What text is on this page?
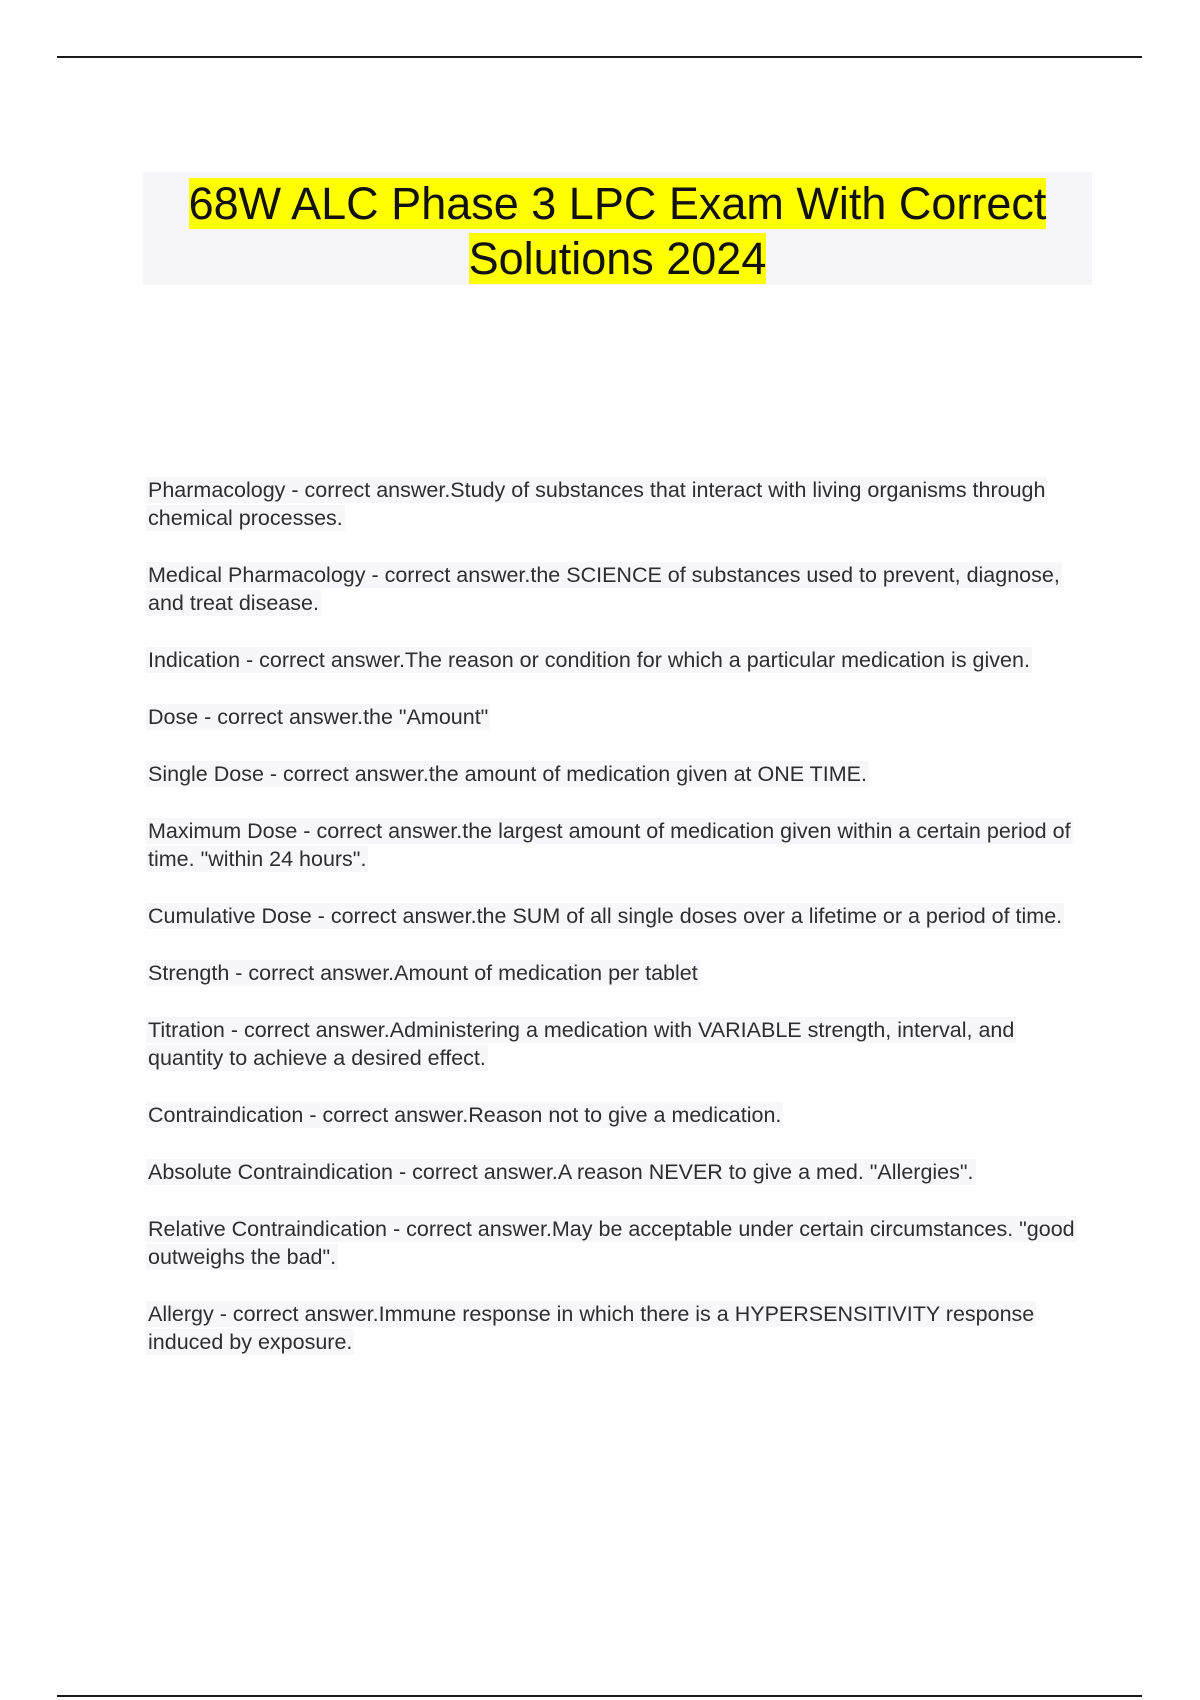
68W ALC Phase 3 LPC Exam With Correct Solutions 2024
Pharmacology - correct answer.Study of substances that interact with living organisms through chemical processes.
Medical Pharmacology - correct answer.the SCIENCE of substances used to prevent, diagnose, and treat disease.
Indication - correct answer.The reason or condition for which a particular medication is given.
Dose - correct answer.the "Amount"
Single Dose - correct answer.the amount of medication given at ONE TIME.
Maximum Dose - correct answer.the largest amount of medication given within a certain period of time. "within 24 hours".
Cumulative Dose - correct answer.the SUM of all single doses over a lifetime or a period of time.
Strength - correct answer.Amount of medication per tablet
Titration - correct answer.Administering a medication with VARIABLE strength, interval, and quantity to achieve a desired effect.
Contraindication - correct answer.Reason not to give a medication.
Absolute Contraindication - correct answer.A reason NEVER to give a med. "Allergies".
Relative Contraindication - correct answer.May be acceptable under certain circumstances. "good outweighs the bad".
Allergy - correct answer.Immune response in which there is a HYPERSENSITIVITY response induced by exposure.
